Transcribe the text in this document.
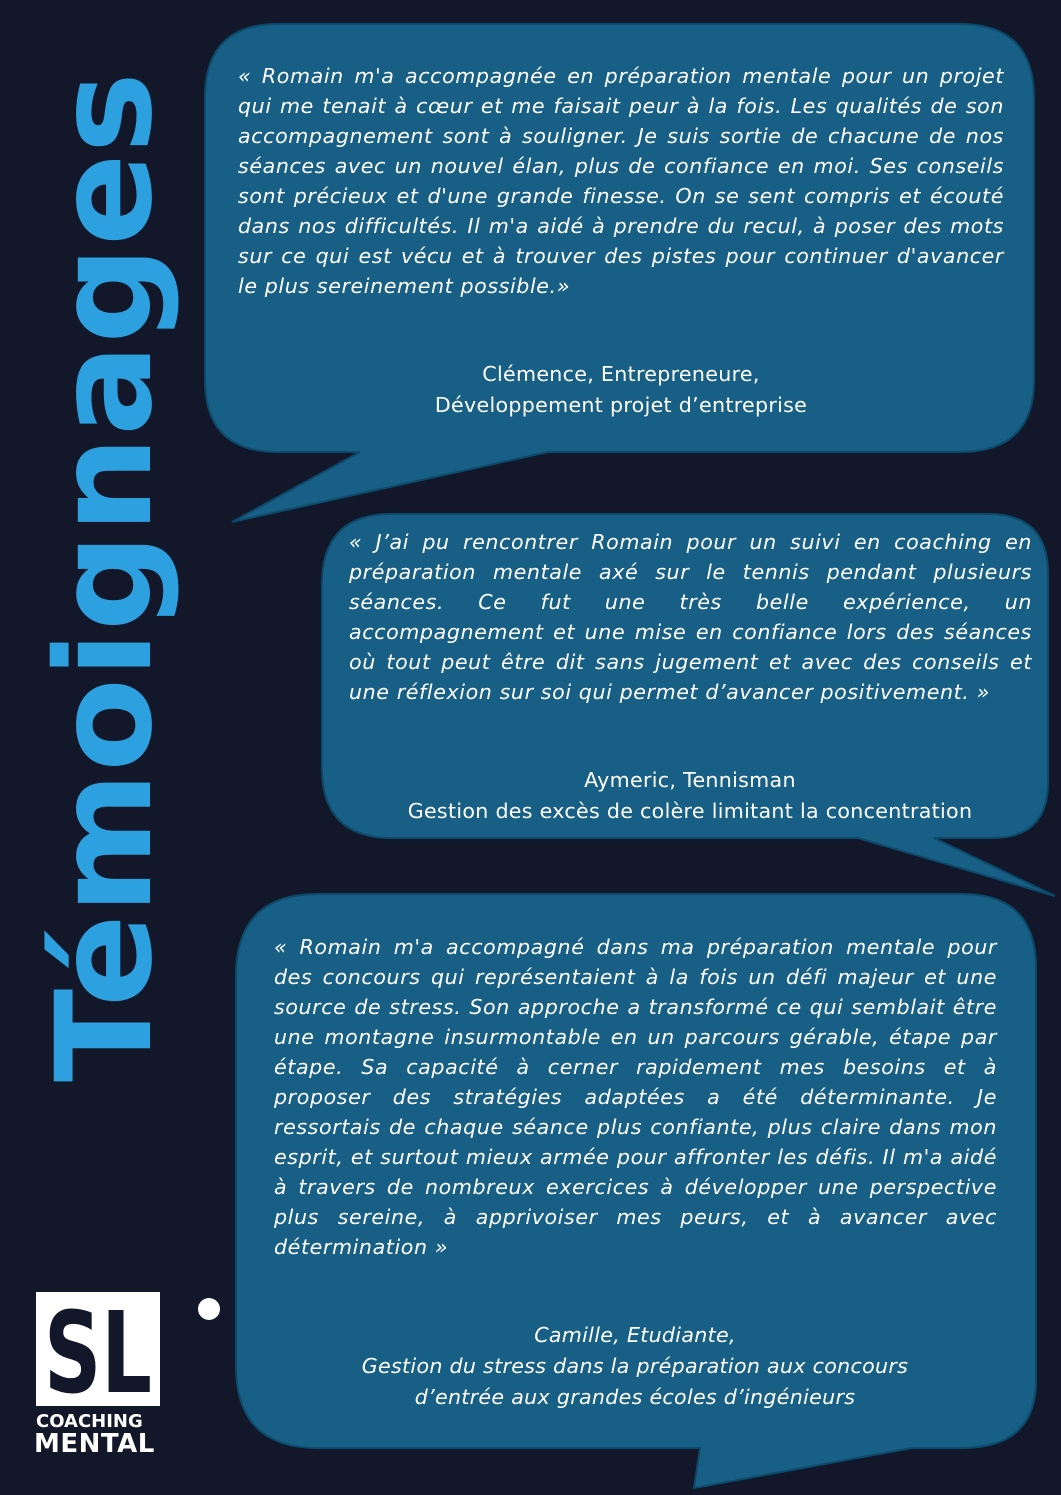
Témoignages

« Romain m'a accompagnée en préparation mentale pour un projet qui me tenait à cœur et me faisait peur à la fois. Les qualités de son accompagnement sont à souligner. Je suis sortie de chacune de nos séances avec un nouvel élan, plus de confiance en moi. Ses conseils sont précieux et d'une grande finesse. On se sent compris et écouté dans nos difficultés. Il m'a aidé à prendre du recul, à poser des mots sur ce qui est vécu et à trouver des pistes pour continuer d'avancer le plus sereinement possible.»

Clémence, Entrepreneure,
Développement projet d’entreprise

« J’ai pu rencontrer Romain pour un suivi en coaching en préparation mentale axé sur le tennis pendant plusieurs séances. Ce fut une très belle expérience, un accompagnement et une mise en confiance lors des séances où tout peut être dit sans jugement et avec des conseils et une réflexion sur soi qui permet d’avancer positivement. »

Aymeric, Tennisman
Gestion des excès de colère limitant la concentration

« Romain m'a accompagné dans ma préparation mentale pour des concours qui représentaient à la fois un défi majeur et une source de stress. Son approche a transformé ce qui semblait être une montagne insurmontable en un parcours gérable, étape par étape. Sa capacité à cerner rapidement mes besoins et à proposer des stratégies adaptées a été déterminante. Je ressortais de chaque séance plus confiante, plus claire dans mon esprit, et surtout mieux armée pour affronter les défis. Il m'a aidé à travers de nombreux exercices à développer une perspective plus sereine, à apprivoiser mes peurs, et à avancer avec détermination »

Camille, Etudiante,
Gestion du stress dans la préparation aux concours
d’entrée aux grandes écoles d’ingénieurs
SL
COACHING
MENTAL
